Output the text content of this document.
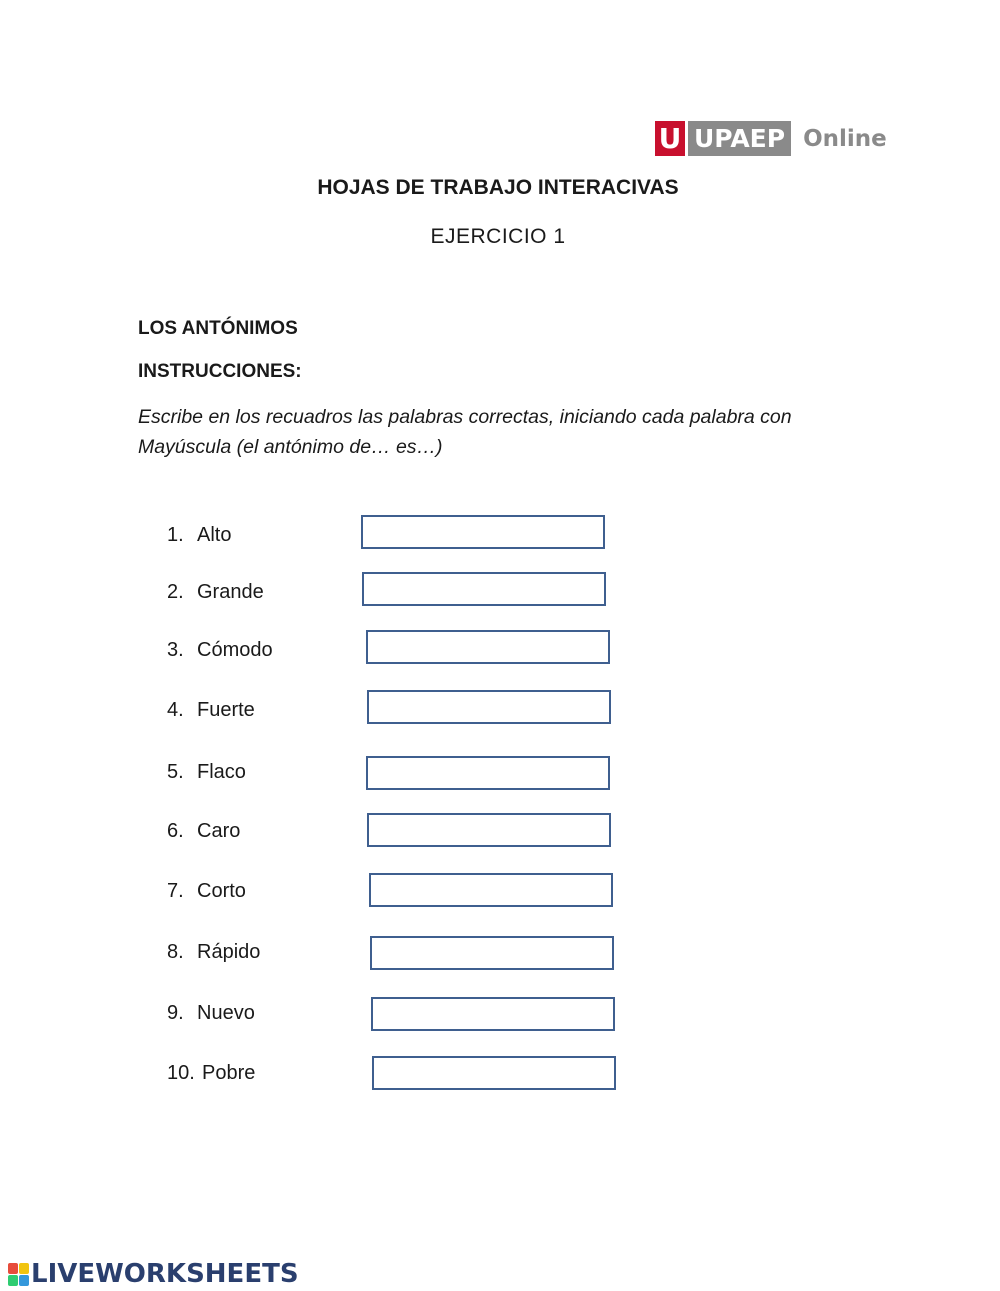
U UPAEP Online
HOJAS DE TRABAJO INTERACIVAS
EJERCICIO 1
LOS ANTÓNIMOS
INSTRUCCIONES:
Escribe en los recuadros las palabras correctas, iniciando cada palabra con
Mayúscula (el antónimo de… es…)
1. Alto
2. Grande
3. Cómodo
4. Fuerte
5. Flaco
6. Caro
7. Corto
8. Rápido
9. Nuevo
10. Pobre
LIVEWORKSHEETS
